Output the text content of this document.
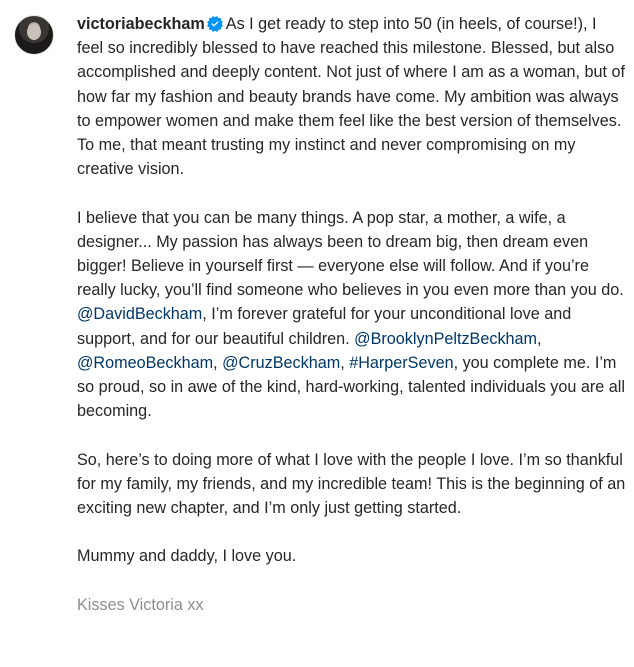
victoriabeckham As I get ready to step into 50 (in heels, of course!), I feel so incredibly blessed to have reached this milestone. Blessed, but also accomplished and deeply content. Not just of where I am as a woman, but of how far my fashion and beauty brands have come. My ambition was always to empower women and make them feel like the best version of themselves. To me, that meant trusting my instinct and never compromising on my creative vision.

I believe that you can be many things. A pop star, a mother, a wife, a designer... My passion has always been to dream big, then dream even bigger! Believe in yourself first — everyone else will follow. And if you’re really lucky, you’ll find someone who believes in you even more than you do. @DavidBeckham, I’m forever grateful for your unconditional love and support, and for our beautiful children. @BrooklynPeltzBeckham, @RomeoBeckham, @CruzBeckham, #HarperSeven, you complete me. I’m so proud, so in awe of the kind, hard-working, talented individuals you are all becoming.

So, here’s to doing more of what I love with the people I love. I’m so thankful for my family, my friends, and my incredible team! This is the beginning of an exciting new chapter, and I’m only just getting started.

Mummy and daddy, I love you.

Kisses Victoria xx
